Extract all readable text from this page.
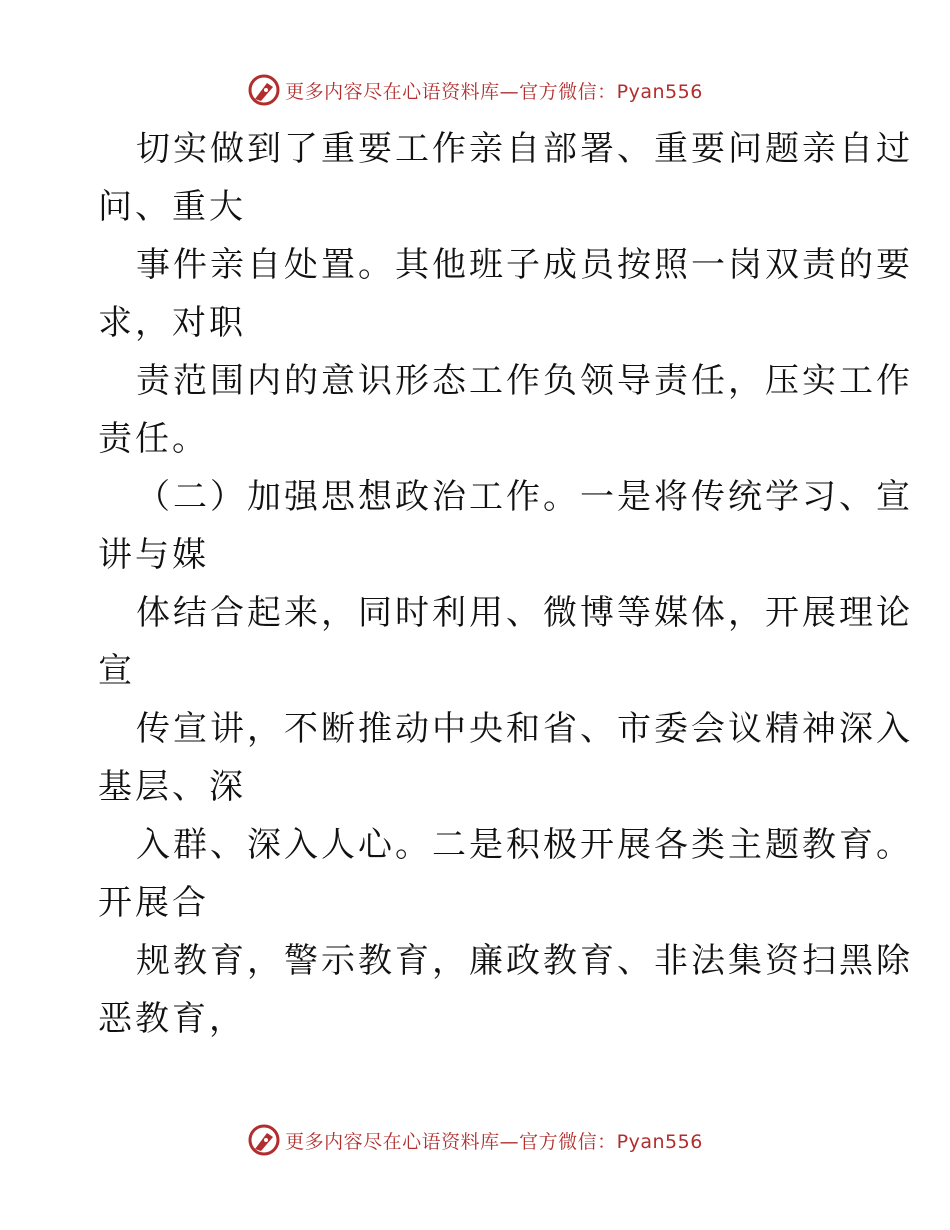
更多内容尽在心语资料库—官方微信：Pyan556
切实做到了重要工作亲自部署、重要问题亲自过
问、重大
事件亲自处置。其他班子成员按照一岗双责的要
求，对职
责范围内的意识形态工作负领导责任，压实工作
责任。
（二）加强思想政治工作。一是将传统学习、宣
讲与媒
体结合起来，同时利用、微博等媒体，开展理论
宣
传宣讲，不断推动中央和省、市委会议精神深入
基层、深
入群、深入人心。二是积极开展各类主题教育。
开展合
规教育，警示教育，廉政教育、非法集资扫黑除
恶教育，
更多内容尽在心语资料库—官方微信：Pyan556
